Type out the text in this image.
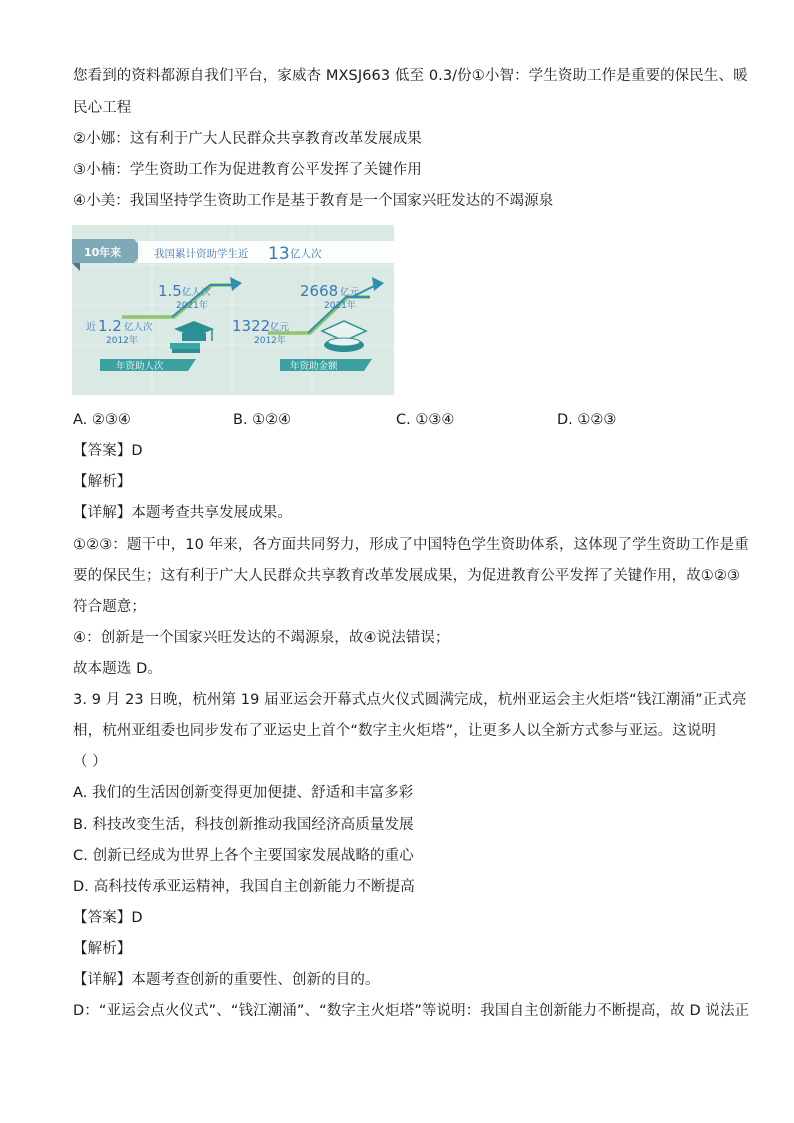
您看到的资料都源自我们平台，家威杏 MXSJ663 低至 0.3/份①小智：学生资助工作是重要的保民生、暖
民心工程
②小娜：这有利于广大人民群众共享教育改革发展成果
③小楠：学生资助工作为促进教育公平发挥了关键作用
④小美：我国坚持学生资助工作是基于教育是一个国家兴旺发达的不竭源泉
10年来	我国累计资助学生近 13 亿人次
1.5 亿人次
2021年
近 1.2 亿人次
2012年
年资助人次
2668 亿元
2021年
1322 亿元
2012年
年资助金额
A. ②③④	B. ①②④	C. ①③④	D. ①②③
【答案】D
【解析】
【详解】本题考查共享发展成果。
①②③：题干中，10 年来，各方面共同努力，形成了中国特色学生资助体系，这体现了学生资助工作是重
要的保民生；这有利于广大人民群众共享教育改革发展成果，为促进教育公平发挥了关键作用，故①②③
符合题意；
④：创新是一个国家兴旺发达的不竭源泉，故④说法错误；
故本题选 D。
3. 9 月 23 日晚，杭州第 19 届亚运会开幕式点火仪式圆满完成，杭州亚运会主火炬塔“钱江潮涌”正式亮
相，杭州亚组委也同步发布了亚运史上首个“数字主火炬塔”，让更多人以全新方式参与亚运。这说明
（ ）
A. 我们的生活因创新变得更加便捷、舒适和丰富多彩
B. 科技改变生活，科技创新推动我国经济高质量发展
C. 创新已经成为世界上各个主要国家发展战略的重心
D. 高科技传承亚运精神，我国自主创新能力不断提高
【答案】D
【解析】
【详解】本题考查创新的重要性、创新的目的。
D：“亚运会点火仪式”、“钱江潮涌”、“数字主火炬塔”等说明：我国自主创新能力不断提高，故 D 说法正
